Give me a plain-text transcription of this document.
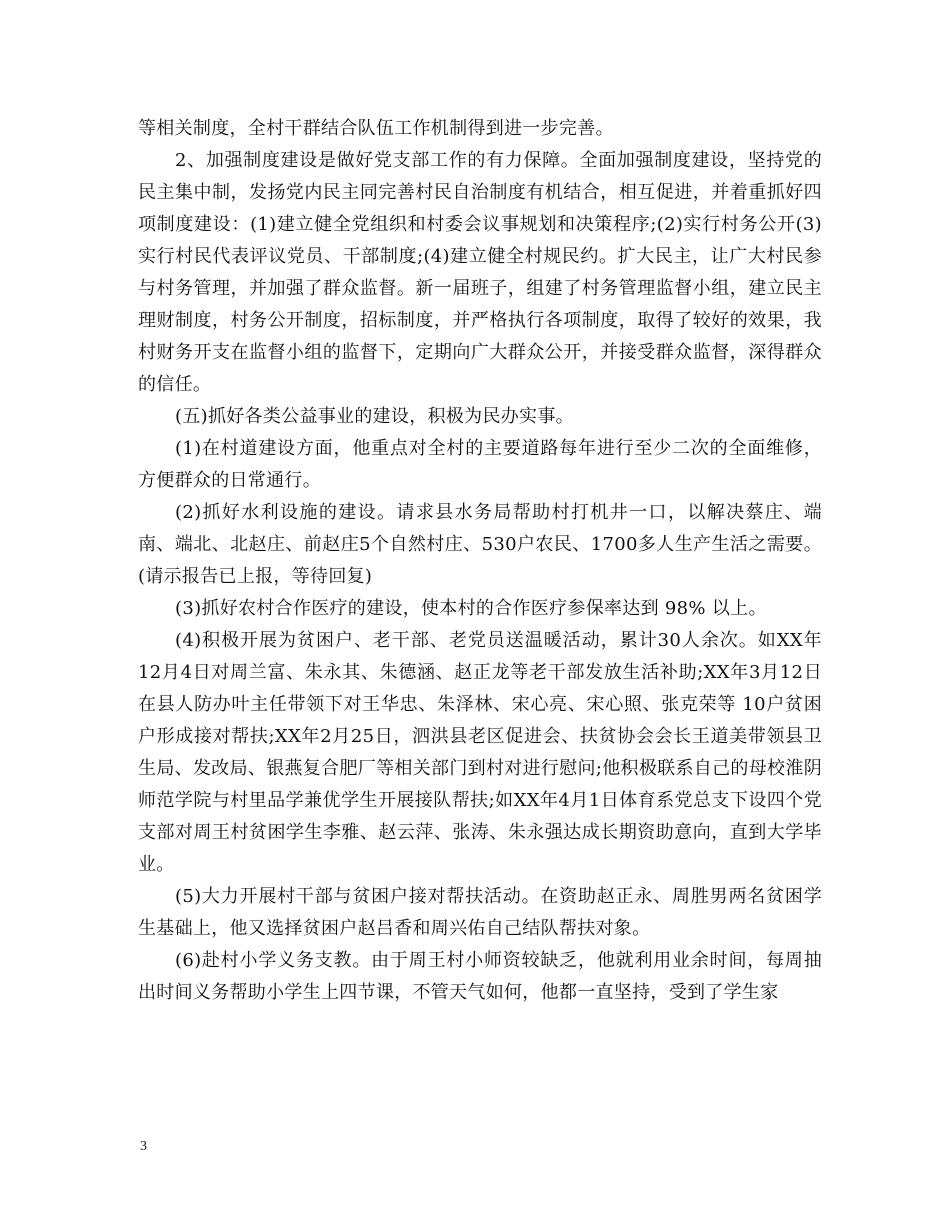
等相关制度，全村干群结合队伍工作机制得到进一步完善。

2、加强制度建设是做好党支部工作的有力保障。全面加强制度建设，坚持党的民主集中制，发扬党内民主同完善村民自治制度有机结合，相互促进，并着重抓好四项制度建设：(1)建立健全党组织和村委会议事规划和决策程序;(2)实行村务公开(3)实行村民代表评议党员、干部制度;(4)建立健全村规民约。扩大民主，让广大村民参与村务管理，并加强了群众监督。新一届班子，组建了村务管理监督小组，建立民主理财制度，村务公开制度，招标制度，并严格执行各项制度，取得了较好的效果，我村财务开支在监督小组的监督下，定期向广大群众公开，并接受群众监督，深得群众的信任。

(五)抓好各类公益事业的建设，积极为民办实事。

(1)在村道建设方面，他重点对全村的主要道路每年进行至少二次的全面维修，方便群众的日常通行。

(2)抓好水利设施的建设。请求县水务局帮助村打机井一口，以解决蔡庄、端南、端北、北赵庄、前赵庄5个自然村庄、530户农民、1700多人生产生活之需要。(请示报告已上报，等待回复)

(3)抓好农村合作医疗的建设，使本村的合作医疗参保率达到 98% 以上。

(4)积极开展为贫困户、老干部、老党员送温暖活动，累计30人余次。如XX年12月4日对周兰富、朱永其、朱德涵、赵正龙等老干部发放生活补助;XX年3月12日在县人防办叶主任带领下对王华忠、朱泽林、宋心亮、宋心照、张克荣等 10户贫困户形成接对帮扶;XX年2月25日，泗洪县老区促进会、扶贫协会会长王道美带领县卫生局、发改局、银燕复合肥厂等相关部门到村对进行慰问;他积极联系自己的母校淮阴师范学院与村里品学兼优学生开展接队帮扶;如XX年4月1日体育系党总支下设四个党支部对周王村贫困学生李雅、赵云萍、张涛、朱永强达成长期资助意向，直到大学毕业。

(5)大力开展村干部与贫困户接对帮扶活动。在资助赵正永、周胜男两名贫困学生基础上，他又选择贫困户赵吕香和周兴佑自己结队帮扶对象。

(6)赴村小学义务支教。由于周王村小师资较缺乏，他就利用业余时间，每周抽出时间义务帮助小学生上四节课，不管天气如何，他都一直坚持，受到了学生家

3
